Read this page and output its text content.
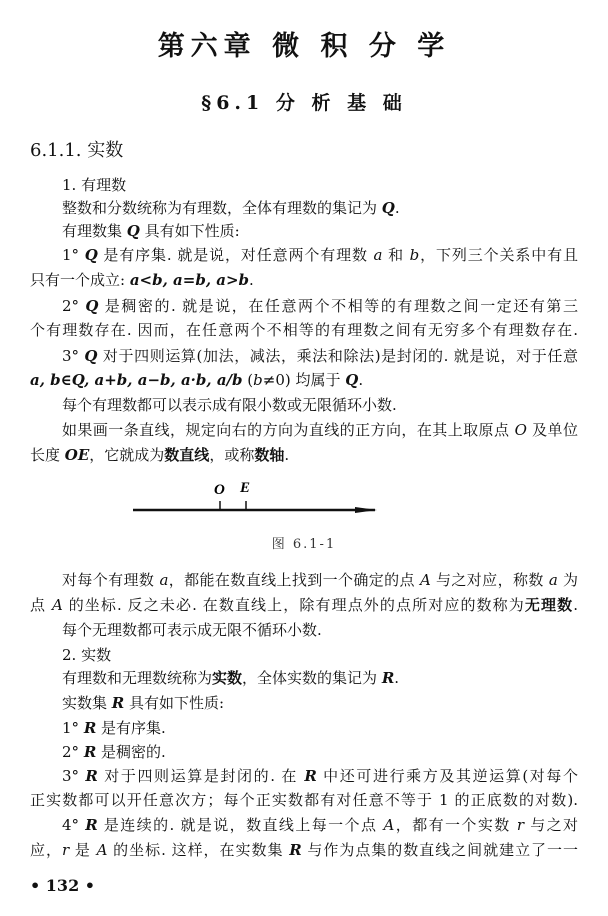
第六章 微 积 分 学
§6.1 分 析 基 础
6.1.1. 实数
1. 有理数
整数和分数统称为有理数，全体有理数的集记为 Q.
有理数集 Q 具有如下性质:
1° Q 是有序集. 就是说，对任意两个有理数 a 和 b，下列三个关系中有且
只有一个成立: a<b, a=b, a>b.
2° Q 是稠密的. 就是说，在任意两个不相等的有理数之间一定还有第三
个有理数存在. 因而，在任意两个不相等的有理数之间有无穷多个有理数存在.
3° Q 对于四则运算(加法，减法，乘法和除法)是封闭的. 就是说，对于任意
a, b∈Q, a+b, a−b, a·b, a/b (b≠0) 均属于 Q.
每个有理数都可以表示成有限小数或无限循环小数.
如果画一条直线，规定向右的方向为直线的正方向，在其上取原点 O 及单位
长度 OE，它就成为数直线，或称数轴.
O E
图 6.1-1
对每个有理数 a，都能在数直线上找到一个确定的点 A 与之对应，称数 a 为
点 A 的坐标. 反之未必. 在数直线上，除有理点外的点所对应的数称为无理数.
每个无理数都可表示成无限不循环小数.
2. 实数
有理数和无理数统称为实数，全体实数的集记为 R.
实数集 R 具有如下性质:
1° R 是有序集.
2° R 是稠密的.
3° R 对于四则运算是封闭的. 在 R 中还可进行乘方及其逆运算(对每个
正实数都可以开任意次方；每个正实数都有对任意不等于 1 的正底数的对数).
4° R 是连续的. 就是说，数直线上每一个点 A，都有一个实数 r 与之对
应，r 是 A 的坐标. 这样，在实数集 R 与作为点集的数直线之间就建立了一一
• 132 •
